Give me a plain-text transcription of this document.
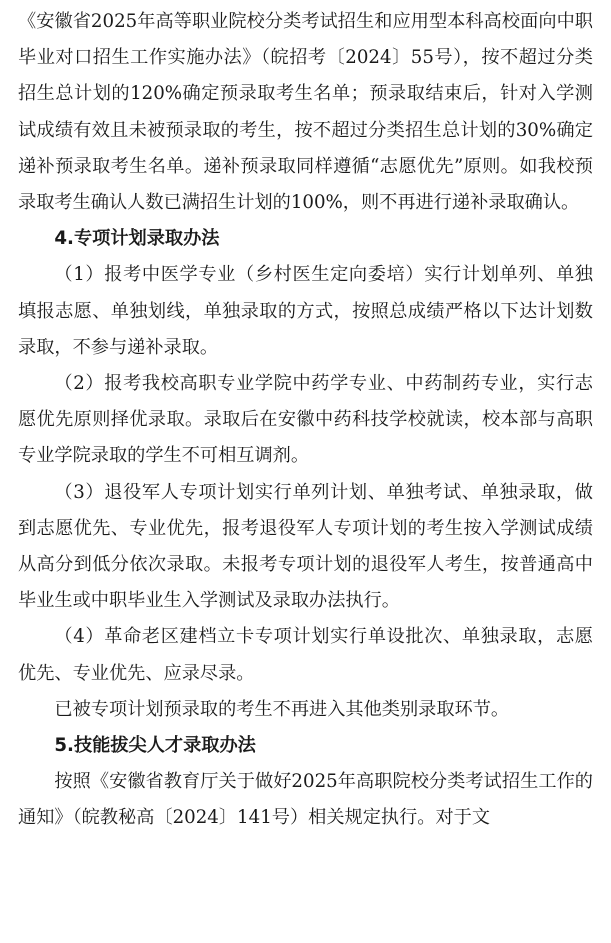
《安徽省2025年高等职业院校分类考试招生和应用型本科高校面向中职毕业对口招生工作实施办法》（皖招考〔2024〕55号），按不超过分类招生总计划的120%确定预录取考生名单；预录取结束后，针对入学测试成绩有效且未被预录取的考生，按不超过分类招生总计划的30%确定递补预录取考生名单。递补预录取同样遵循“志愿优先”原则。如我校预录取考生确认人数已满招生计划的100%，则不再进行递补录取确认。

4.专项计划录取办法

（1）报考中医学专业（乡村医生定向委培）实行计划单列、单独填报志愿、单独划线，单独录取的方式，按照总成绩严格以下达计划数录取，不参与递补录取。

（2）报考我校高职专业学院中药学专业、中药制药专业，实行志愿优先原则择优录取。录取后在安徽中药科技学校就读，校本部与高职专业学院录取的学生不可相互调剂。

（3）退役军人专项计划实行单列计划、单独考试、单独录取，做到志愿优先、专业优先，报考退役军人专项计划的考生按入学测试成绩从高分到低分依次录取。未报考专项计划的退役军人考生，按普通高中毕业生或中职毕业生入学测试及录取办法执行。

（4）革命老区建档立卡专项计划实行单设批次、单独录取，志愿优先、专业优先、应录尽录。

已被专项计划预录取的考生不再进入其他类别录取环节。

5.技能拔尖人才录取办法

按照《安徽省教育厅关于做好2025年高职院校分类考试招生工作的通知》（皖教秘高〔2024〕141号）相关规定执行。对于文
